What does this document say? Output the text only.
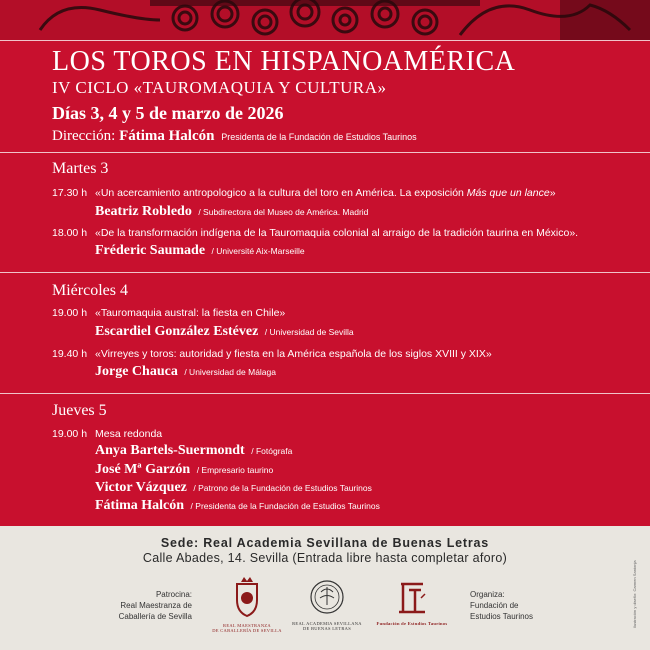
LOS TOROS EN HISPANOAMÉRICA
IV CICLO «TAUROMAQUIA Y CULTURA»
Días 3, 4 y 5 de marzo de 2026
Dirección: Fátima Halcón Presidenta de la Fundación de Estudios Taurinos
Martes 3
17.30 h «Un acercamiento antropologico a la cultura del toro en América. La exposición Más que un lance»
Beatriz Robledo / Subdirectora del Museo de América. Madrid
18.00 h «De la transformación indígena de la Tauromaquia colonial al arraigo de la tradición taurina en México».
Fréderic Saumade / Université Aix-Marseille
Miércoles 4
19.00 h «Tauromaquia austral: la fiesta en Chile»
Escardiel González Estévez / Universidad de Sevilla
19.40 h «Virreyes y toros: autoridad y fiesta en la América española de los siglos XVIII y XIX»
Jorge Chauca / Universidad de Málaga
Jueves 5
19.00 h Mesa redonda
Anya Bartels-Suermondt / Fotógrafa
José Mª Garzón / Empresario taurino
Victor Vázquez / Patrono de la Fundación de Estudios Taurinos
Fátima Halcón / Presidenta de la Fundación de Estudios Taurinos
Sede: Real Academia Sevillana de Buenas Letras
Calle Abades, 14. Sevilla (Entrada libre hasta completar aforo)
Patrocina:
Real Maestranza de
Caballería de Sevilla
REAL MAESTRANZA
DE CABALLERÍA DE SEVILLA
REAL ACADEMIA SEVILLANA
DE BUENAS LETRAS
Fundación de Estudios Taurinos
Organiza:
Fundación de
Estudios Taurinos	Ilustración y diseño: Carmen Santonja
